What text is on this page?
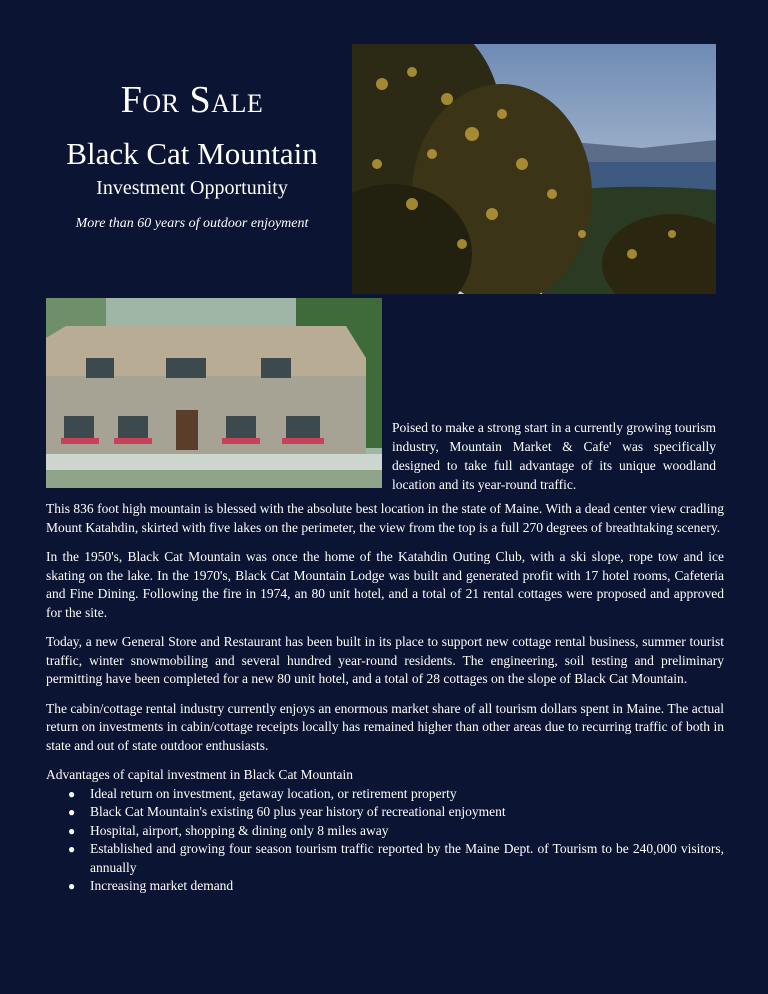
FOR SALE
Black Cat Mountain
Investment Opportunity
More than 60 years of outdoor enjoyment
Poised to make a strong start in a currently growing tourism industry, Mountain Market & Cafe' was specifically designed to take full advantage of its unique woodland location and its year-round traffic.

This 836 foot high mountain is blessed with the absolute best location in the state of Maine. With a dead center view cradling Mount Katahdin, skirted with five lakes on the perimeter, the view from the top is a full 270 degrees of breathtaking scenery.

In the 1950's, Black Cat Mountain was once the home of the Katahdin Outing Club, with a ski slope, rope tow and ice skating on the lake. In the 1970's, Black Cat Mountain Lodge was built and generated profit with 17 hotel rooms, Cafeteria and Fine Dining. Following the fire in 1974, an 80 unit hotel, and a total of 21 rental cottages were proposed and approved for the site.

Today, a new General Store and Restaurant has been built in its place to support new cottage rental business, summer tourist traffic, winter snowmobiling and several hundred year-round residents. The engineering, soil testing and preliminary permitting have been completed for a new 80 unit hotel, and a total of 28 cottages on the slope of Black Cat Mountain.

The cabin/cottage rental industry currently enjoys an enormous market share of all tourism dollars spent in Maine. The actual return on investments in cabin/cottage receipts locally has remained higher than other areas due to recurring traffic of both in state and out of state outdoor enthusiasts.

Advantages of capital investment in Black Cat Mountain
● Ideal return on investment, getaway location, or retirement property
● Black Cat Mountain's existing 60 plus year history of recreational enjoyment
● Hospital, airport, shopping & dining only 8 miles away
● Established and growing four season tourism traffic reported by the Maine Dept. of Tourism to be 240,000 visitors, annually
● Increasing market demand
